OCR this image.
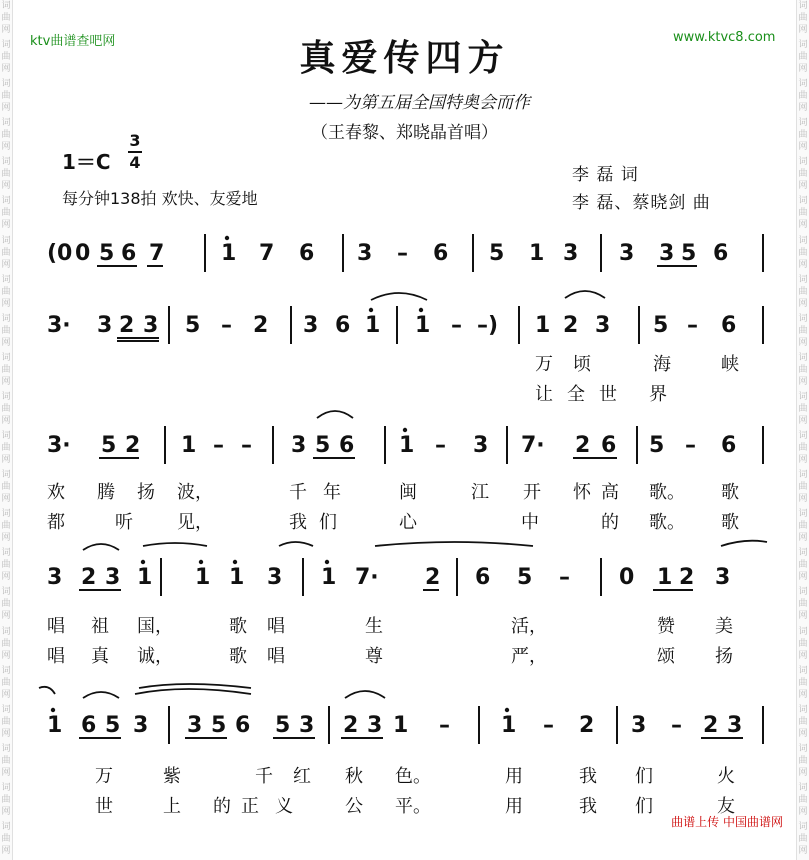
词
曲
网
词
曲
网
词
曲
网
词
曲
网
词
曲
网
词
曲
网
词
曲
网
词
曲
网
词
曲
网
词
曲
网
词
曲
网
词
曲
网
词
曲
网
词
曲
网
词
曲
网
词
曲
网
词
曲
网
词
曲
网
词
曲
网
词
曲
网
词
曲
网
词
曲
网
词
曲
网
词
曲
网
词
曲
网
词
曲
网
词
曲
网
词
曲
网
词
曲
网
词
曲
网
词
曲
网
词
曲
网
词
曲
网
词
曲
网
词
曲
网
词
曲
网
词
曲
网
词
曲
网
词
曲
网
词
曲
网
词
曲
网
词
曲
网
词
曲
网
词
曲
网
ktv曲谱查吧网	www.ktvc8.com
真爱传四方
——为第五届全国特奥会而作
（王春黎、郑晓晶首唱）
1＝C
3
4
每分钟138拍 欢快、友爱地
李 磊 词
李 磊、蔡晓剑 曲
(0 0 5 6 7	1 7 6 3 – 6 5 1 3 3 3 5 6
3· 3 2 3 5 – 2 3 6 1 1 – –) 1 2 3 5 – 6
万 顷	海	峡
让 全 世 界
3· 5 2 1 – – 3 5 6 1 – 3 7· 2 6 5 – 6
欢 腾 扬 波，	千 年	闽	江 开 怀 高 歌。 歌
都	听 见，	我 们	心	中	的 歌。 歌
3 2 3 1 1 1 3 1 7· 2 6 5 – 0 1 2 3
唱 祖 国，	歌 唱	生	活，	赞 美
唱 真 诚，	歌 唱	尊	严，	颂 扬
1 6 5 3 3 5 6 5 3 2 3 1 – 1 – 2 3 – 2 3
万	紫	千 红 秋 色。	用	我 们	火
世	上 的 正 义	公 平。	用	我 们	友
曲谱上传 中国曲谱网
